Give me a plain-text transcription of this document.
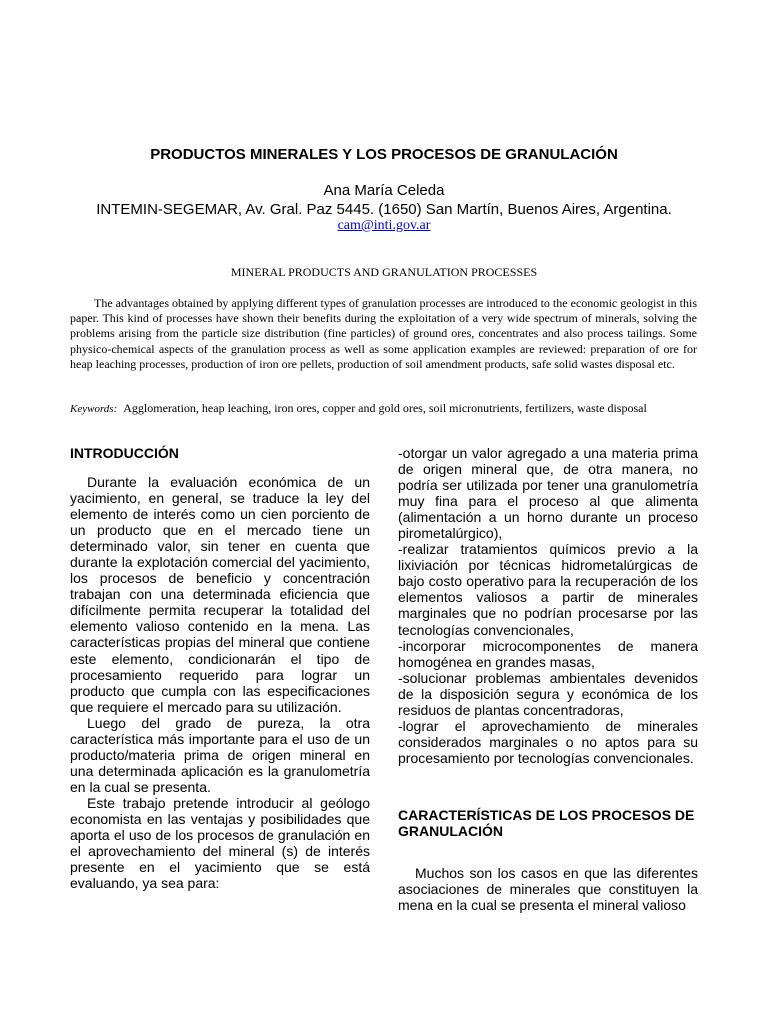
PRODUCTOS MINERALES Y LOS PROCESOS DE GRANULACIÓN
Ana María Celeda
INTEMIN-SEGEMAR, Av. Gral. Paz 5445. (1650) San Martín, Buenos Aires, Argentina.
cam@inti.gov.ar
MINERAL PRODUCTS AND GRANULATION PROCESSES

The advantages obtained by applying different types of granulation processes are introduced to the economic geologist in this paper. This kind of processes have shown their benefits during the exploitation of a very wide spectrum of minerals, solving the problems arising from the particle size distribution (fine particles) of ground ores, concentrates and also process tailings. Some physico-chemical aspects of the granulation process as well as some application examples are reviewed: preparation of ore for heap leaching processes, production of iron ore pellets, production of soil amendment products, safe solid wastes disposal etc.

Keywords: Agglomeration, heap leaching, iron ores, copper and gold ores, soil micronutrients, fertilizers, waste disposal
INTRODUCCIÓN

Durante la evaluación económica de un yacimiento, en general, se traduce la ley del elemento de interés como un cien porciento de un producto que en el mercado tiene un determinado valor, sin tener en cuenta que durante la explotación comercial del yacimiento, los procesos de beneficio y concentración trabajan con una determinada eficiencia que difícilmente permita recuperar la totalidad del elemento valioso contenido en la mena. Las características propias del mineral que contiene este elemento, condicionarán el tipo de procesamiento requerido para lograr un producto que cumpla con las especificaciones que requiere el mercado para su utilización.

Luego del grado de pureza, la otra característica más importante para el uso de un producto/materia prima de origen mineral en una determinada aplicación es la granulometría en la cual se presenta.

Este trabajo pretende introducir al geólogo economista en las ventajas y posibilidades que aporta el uso de los procesos de granulación en el aprovechamiento del mineral (s) de interés presente en el yacimiento que se está evaluando, ya sea para:

-otorgar un valor agregado a una materia prima de origen mineral que, de otra manera, no podría ser utilizada por tener una granulometría muy fina para el proceso al que alimenta (alimentación a un horno durante un proceso pirometalúrgico),

-realizar tratamientos químicos previo a la lixiviación por técnicas hidrometalúrgicas de bajo costo operativo para la recuperación de los elementos valiosos a partir de minerales marginales que no podrían procesarse por las tecnologías convencionales,

-incorporar microcomponentes de manera homogénea en grandes masas,

-solucionar problemas ambientales devenidos de la disposición segura y económica de los residuos de plantas concentradoras,

-lograr el aprovechamiento de minerales considerados marginales o no aptos para su procesamiento por tecnologías convencionales.

CARACTERÍSTICAS DE LOS PROCESOS DE GRANULACIÓN

Muchos son los casos en que las diferentes asociaciones de minerales que constituyen la mena en la cual se presenta el mineral valioso
